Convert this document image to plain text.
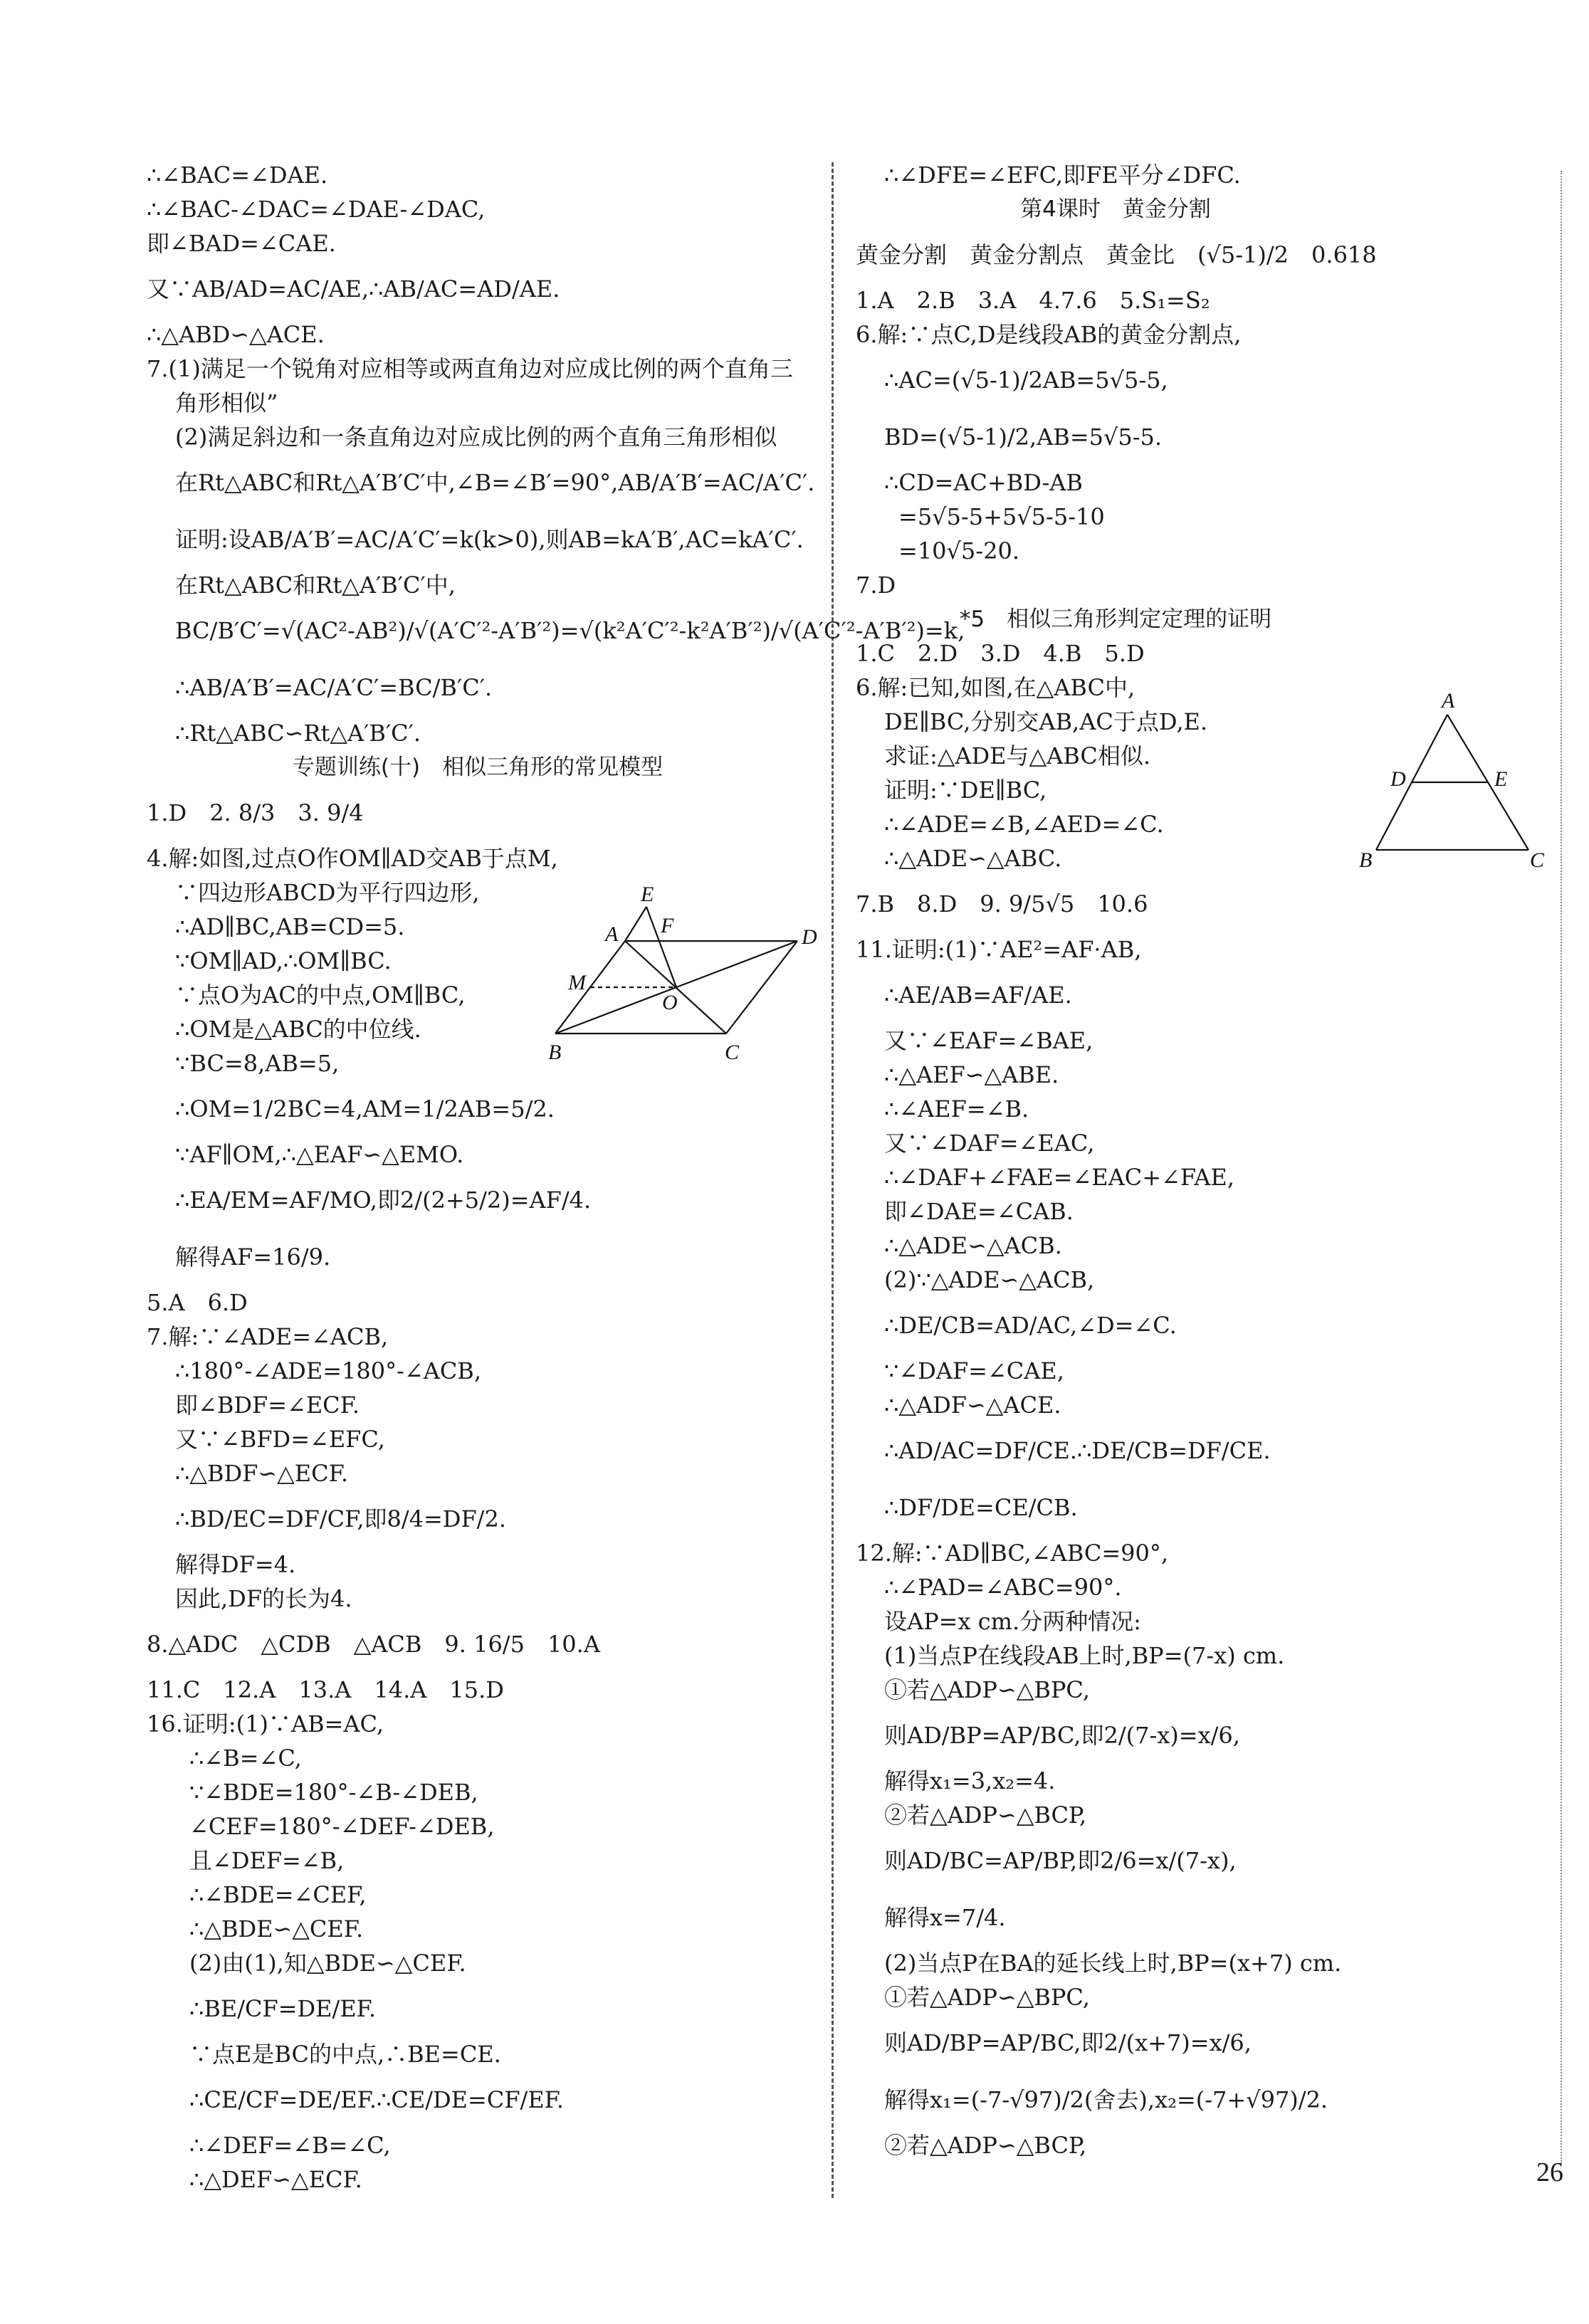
∴∠BAC=∠DAE.
∴∠BAC-∠DAC=∠DAE-∠DAC,
即∠BAD=∠CAE.
又∵AB/AD=AC/AE,∴AB/AC=AD/AE.
∴△ABD∽△ACE.
7.(1)满足一个锐角对应相等或两直角边对应成比例的两个直角三
角形相似”
(2)满足斜边和一条直角边对应成比例的两个直角三角形相似
在Rt△ABC和Rt△A′B′C′中,∠B=∠B′=90°,AB/A′B′=AC/A′C′.
证明:设AB/A′B′=AC/A′C′=k(k>0),则AB=kA′B′,AC=kA′C′.
在Rt△ABC和Rt△A′B′C′中,
BC/B′C′=√(AC²-AB²)/√(A′C′²-A′B′²)=√(k²A′C′²-k²A′B′²)/√(A′C′²-A′B′²)=k,
∴AB/A′B′=AC/A′C′=BC/B′C′.
∴Rt△ABC∽Rt△A′B′C′.
专题训练(十)　相似三角形的常见模型
1.D　2. 8/3　3. 9/4
4.解:如图,过点O作OM∥AD交AB于点M,
∵四边形ABCD为平行四边形,
∴AD∥BC,AB=CD=5.
∵OM∥AD,∴OM∥BC.
∵点O为AC的中点,OM∥BC,
∴OM是△ABC的中位线.
∵BC=8,AB=5,
∴OM=1/2BC=4,AM=1/2AB=5/2.
∵AF∥OM,∴△EAF∽△EMO.
∴EA/EM=AF/MO,即2/(2+5/2)=AF/4.
解得AF=16/9.
5.A　6.D
7.解:∵∠ADE=∠ACB,
∴180°-∠ADE=180°-∠ACB,
即∠BDF=∠ECF.
又∵∠BFD=∠EFC,
∴△BDF∽△ECF.
∴BD/EC=DF/CF,即8/4=DF/2.
解得DF=4.
因此,DF的长为4.
8.△ADC　△CDB　△ACB　9. 16/5　10.A
11.C　12.A　13.A　14.A　15.D
16.证明:(1)∵AB=AC,
∴∠B=∠C,
∵∠BDE=180°-∠B-∠DEB,
∠CEF=180°-∠DEF-∠DEB,
且∠DEF=∠B,
∴∠BDE=∠CEF,
∴△BDE∽△CEF.
(2)由(1),知△BDE∽△CEF.
∴BE/CF=DE/EF.
∵点E是BC的中点,∴BE=CE.
∴CE/CF=DE/EF.∴CE/DE=CF/EF.
∴∠DEF=∠B=∠C,
∴△DEF∽△ECF.
∴∠DFE=∠EFC,即FE平分∠DFC.
第4课时　黄金分割
黄金分割　黄金分割点　黄金比　(√5-1)/2　0.618
1.A　2.B　3.A　4.7.6　5.S₁=S₂
6.解:∵点C,D是线段AB的黄金分割点,
∴AC=(√5-1)/2AB=5√5-5,
BD=(√5-1)/2,AB=5√5-5.
∴CD=AC+BD-AB
=5√5-5+5√5-5-10
=10√5-20.
7.D
*5　相似三角形判定定理的证明
1.C　2.D　3.D　4.B　5.D
6.解:已知,如图,在△ABC中,
DE∥BC,分别交AB,AC于点D,E.
求证:△ADE与△ABC相似.
证明:∵DE∥BC,
∴∠ADE=∠B,∠AED=∠C.
∴△ADE∽△ABC.
7.B　8.D　9. 9/5√5　10.6
11.证明:(1)∵AE²=AF·AB,
∴AE/AB=AF/AE.
又∵∠EAF=∠BAE,
∴△AEF∽△ABE.
∴∠AEF=∠B.
又∵∠DAF=∠EAC,
∴∠DAF+∠FAE=∠EAC+∠FAE,
即∠DAE=∠CAB.
∴△ADE∽△ACB.
(2)∵△ADE∽△ACB,
∴DE/CB=AD/AC,∠D=∠C.
∵∠DAF=∠CAE,
∴△ADF∽△ACE.
∴AD/AC=DF/CE.∴DE/CB=DF/CE.
∴DF/DE=CE/CB.
12.解:∵AD∥BC,∠ABC=90°,
∴∠PAD=∠ABC=90°.
设AP=x cm.分两种情况:
(1)当点P在线段AB上时,BP=(7-x) cm.
①若△ADP∽△BPC,
则AD/BP=AP/BC,即2/(7-x)=x/6,
解得x₁=3,x₂=4.
②若△ADP∽△BCP,
则AD/BC=AP/BP,即2/6=x/(7-x),
解得x=7/4.
(2)当点P在BA的延长线上时,BP=(x+7) cm.
①若△ADP∽△BPC,
则AD/BP=AP/BC,即2/(x+7)=x/6,
解得x₁=(-7-√97)/2(舍去),x₂=(-7+√97)/2.
②若△ADP∽△BCP,
E
F
A	D
M
O
B	C
A
D	E
B	C
26
